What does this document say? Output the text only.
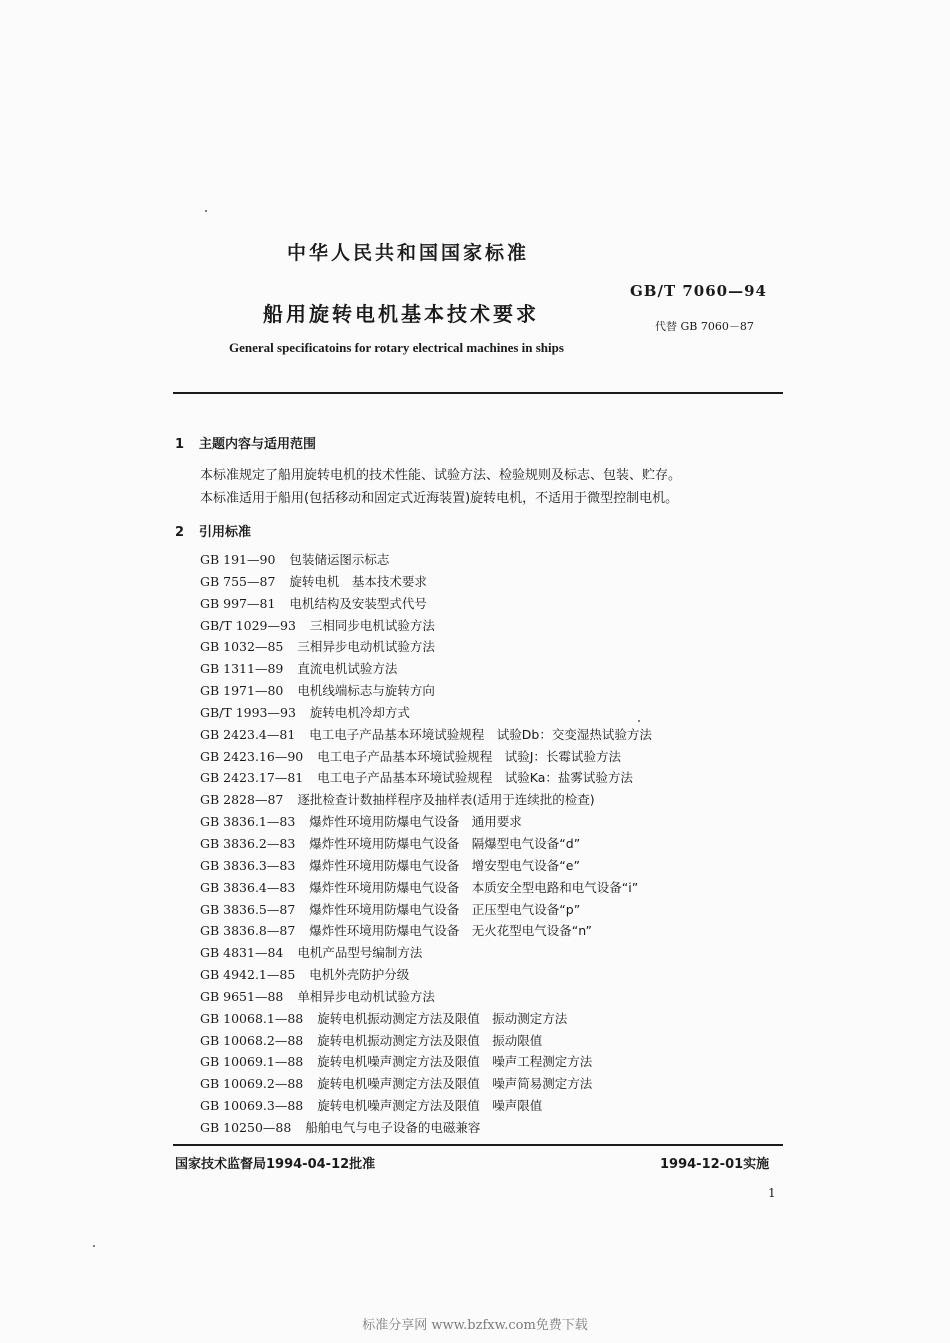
中华人民共和国国家标准
GB/T 7060—94
船用旋转电机基本技术要求
代替 GB 7060－87
General specificatoins for rotary electrical machines in ships
1 主题内容与适用范围
本标准规定了船用旋转电机的技术性能、试验方法、检验规则及标志、包装、贮存。
本标准适用于船用(包括移动和固定式近海装置)旋转电机，不适用于微型控制电机。
2 引用标准
GB 191—90 包装储运图示标志
GB 755—87 旋转电机　基本技术要求
GB 997—81 电机结构及安装型式代号
GB/T 1029—93 三相同步电机试验方法
GB 1032—85 三相异步电动机试验方法
GB 1311—89 直流电机试验方法
GB 1971—80 电机线端标志与旋转方向
GB/T 1993—93 旋转电机冷却方式
GB 2423.4—81 电工电子产品基本环境试验规程　试验Db：交变湿热试验方法
GB 2423.16—90 电工电子产品基本环境试验规程　试验J：长霉试验方法
GB 2423.17—81 电工电子产品基本环境试验规程　试验Ka：盐雾试验方法
GB 2828—87 逐批检查计数抽样程序及抽样表(适用于连续批的检查)
GB 3836.1—83 爆炸性环境用防爆电气设备　通用要求
GB 3836.2—83 爆炸性环境用防爆电气设备　隔爆型电气设备“d”
GB 3836.3—83 爆炸性环境用防爆电气设备　增安型电气设备“e”
GB 3836.4—83 爆炸性环境用防爆电气设备　本质安全型电路和电气设备“i”
GB 3836.5—87 爆炸性环境用防爆电气设备　正压型电气设备“p”
GB 3836.8—87 爆炸性环境用防爆电气设备　无火花型电气设备“n”
GB 4831—84 电机产品型号编制方法
GB 4942.1—85 电机外壳防护分级
GB 9651—88 单相异步电动机试验方法
GB 10068.1—88 旋转电机振动测定方法及限值　振动测定方法
GB 10068.2—88 旋转电机振动测定方法及限值　振动限值
GB 10069.1—88 旋转电机噪声测定方法及限值　噪声工程测定方法
GB 10069.2—88 旋转电机噪声测定方法及限值　噪声简易测定方法
GB 10069.3—88 旋转电机噪声测定方法及限值　噪声限值
GB 10250—88 船舶电气与电子设备的电磁兼容
国家技术监督局1994-04-12批准	1994-12-01实施
1
标准分享网 www.bzfxw.com免费下载
